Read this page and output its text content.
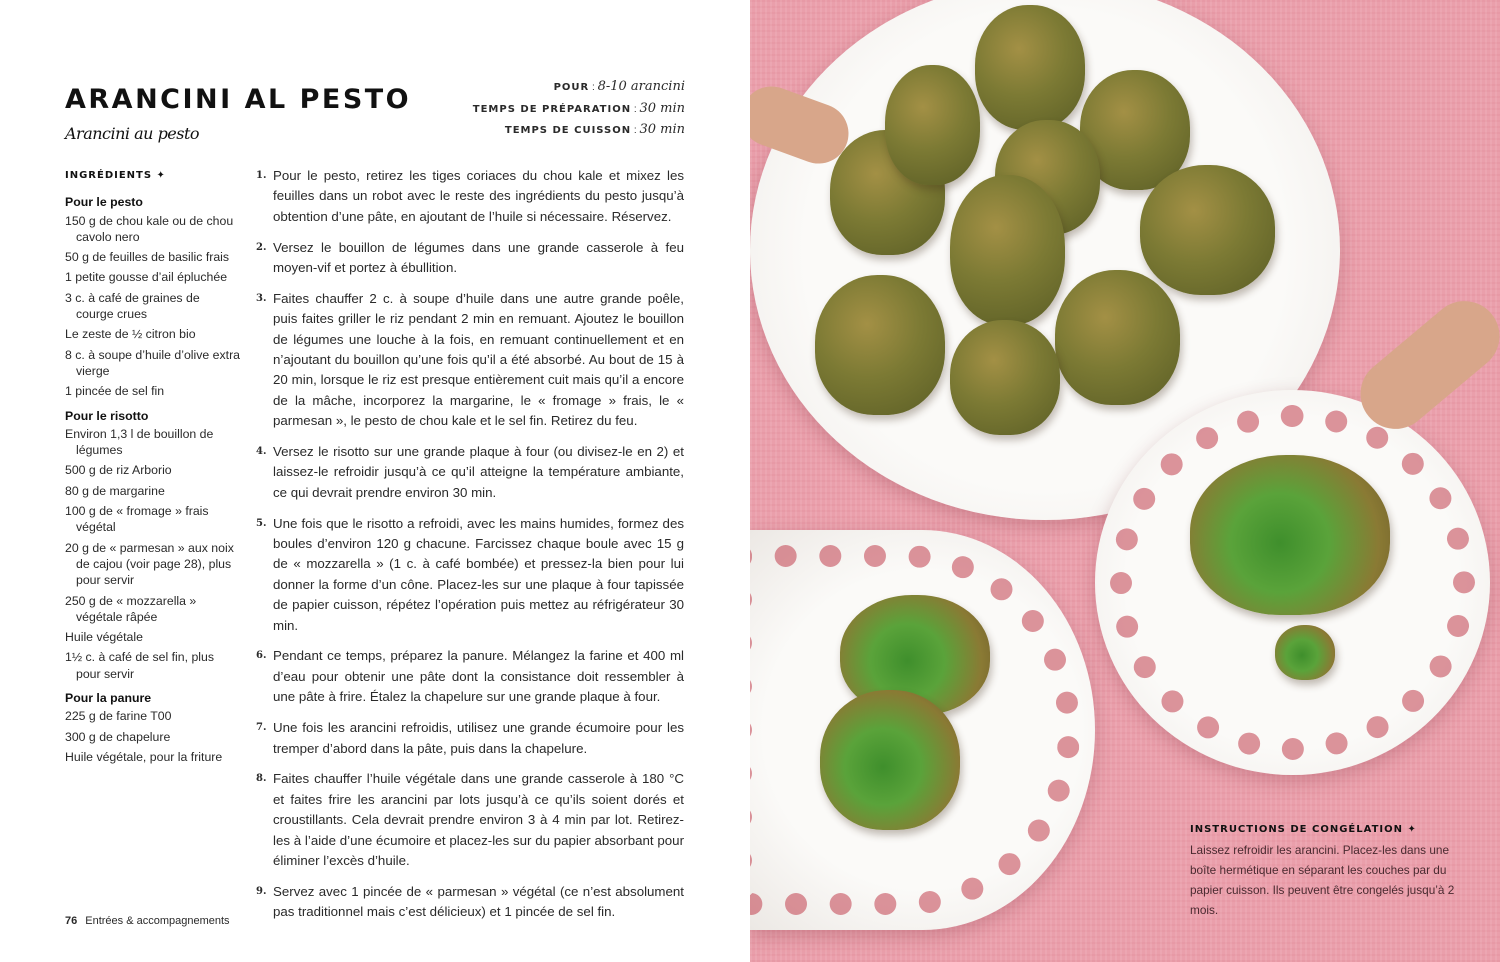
ARANCINI AL PESTO
Arancini au pesto
POUR : 8-10 arancini
TEMPS DE PRÉPARATION : 30 min
TEMPS DE CUISSON : 30 min
INGRÉDIENTS ✦
Pour le pesto
150 g de chou kale ou de chou cavolo nero
50 g de feuilles de basilic frais
1 petite gousse d’ail épluchée
3 c. à café de graines de courge crues
Le zeste de ½ citron bio
8 c. à soupe d’huile d’olive extra vierge
1 pincée de sel fin
Pour le risotto
Environ 1,3 l de bouillon de légumes
500 g de riz Arborio
80 g de margarine
100 g de « fromage » frais végétal
20 g de « parmesan » aux noix de cajou (voir page 28), plus pour servir
250 g de « mozzarella » végétale râpée
Huile végétale
1½ c. à café de sel fin, plus pour servir
Pour la panure
225 g de farine T00
300 g de chapelure
Huile végétale, pour la friture
1. Pour le pesto, retirez les tiges coriaces du chou kale et mixez les feuilles dans un robot avec le reste des ingrédients du pesto jusqu’à obtention d’une pâte, en ajoutant de l’huile si nécessaire. Réservez.
2. Versez le bouillon de légumes dans une grande casserole à feu moyen-vif et portez à ébullition.
3. Faites chauffer 2 c. à soupe d’huile dans une autre grande poêle, puis faites griller le riz pendant 2 min en remuant. Ajoutez le bouillon de légumes une louche à la fois, en remuant continuellement et en n’ajoutant du bouillon qu’une fois qu’il a été absorbé. Au bout de 15 à 20 min, lorsque le riz est presque entièrement cuit mais qu’il a encore de la mâche, incorporez la margarine, le « fromage » frais, le « parmesan », le pesto de chou kale et le sel fin. Retirez du feu.
4. Versez le risotto sur une grande plaque à four (ou divisez-le en 2) et laissez-le refroidir jusqu’à ce qu’il atteigne la température ambiante, ce qui devrait prendre environ 30 min.
5. Une fois que le risotto a refroidi, avec les mains humides, formez des boules d’environ 120 g chacune. Farcissez chaque boule avec 15 g de « mozzarella » (1 c. à café bombée) et pressez-la bien pour lui donner la forme d’un cône. Placez-les sur une plaque à four tapissée de papier cuisson, répétez l’opération puis mettez au réfrigérateur 30 min.
6. Pendant ce temps, préparez la panure. Mélangez la farine et 400 ml d’eau pour obtenir une pâte dont la consistance doit ressembler à une pâte à frire. Étalez la chapelure sur une grande plaque à four.
7. Une fois les arancini refroidis, utilisez une grande écumoire pour les tremper d’abord dans la pâte, puis dans la chapelure.
8. Faites chauffer l’huile végétale dans une grande casserole à 180 °C et faites frire les arancini par lots jusqu’à ce qu’ils soient dorés et croustillants. Cela devrait prendre environ 3 à 4 min par lot. Retirez-les à l’aide d’une écumoire et placez-les sur du papier absorbant pour éliminer l’excès d’huile.
9. Servez avec 1 pincée de « parmesan » végétal (ce n’est absolument pas traditionnel mais c’est délicieux) et 1 pincée de sel fin.
76 Entrées & accompagnements
INSTRUCTIONS DE CONGÉLATION ✦
Laissez refroidir les arancini. Placez-les dans une boîte hermétique en séparant les couches par du papier cuisson. Ils peuvent être congelés jusqu’à 2 mois.
